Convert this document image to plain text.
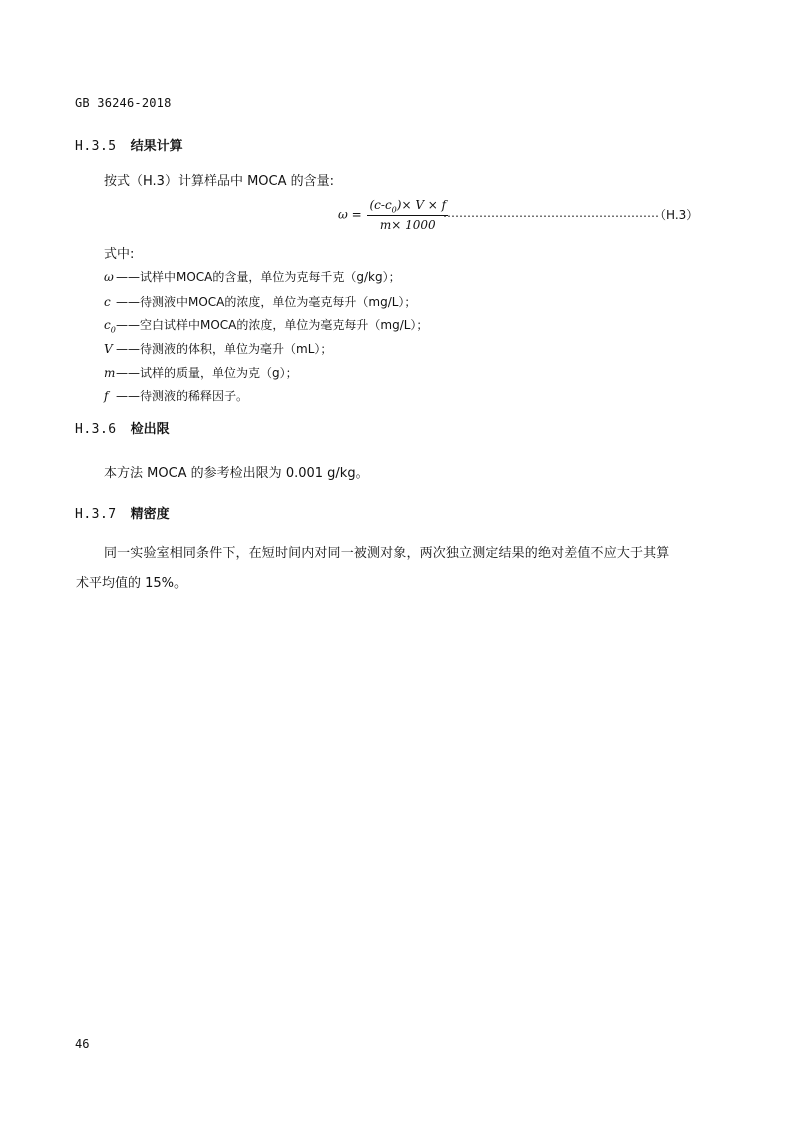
GB 36246-2018
H.3.5 结果计算
按式（H.3）计算样品中 MOCA 的含量:
$\omega = \frac{(c-c_0)\times V \times f}{m\times 1000}$
………………………………………………
（H.3）
式中:
ω ——试样中MOCA的含量，单位为克每千克（g/kg）；
c ——待测液中MOCA的浓度，单位为毫克每升（mg/L）；
$c_0——$空白试样中MOCA的浓度，单位为毫克每升（mg/L）；
V ——待测液的体积，单位为毫升（mL）；
m——试样的质量，单位为克（g）；
f ——待测液的稀释因子。
H.3.6 检出限
本方法 MOCA 的参考检出限为 0.001 g/kg。
H.3.7 精密度
同一实验室相同条件下，在短时间内对同一被测对象，两次独立测定结果的绝对差值不应大于其算
术平均值的 15%。
46
